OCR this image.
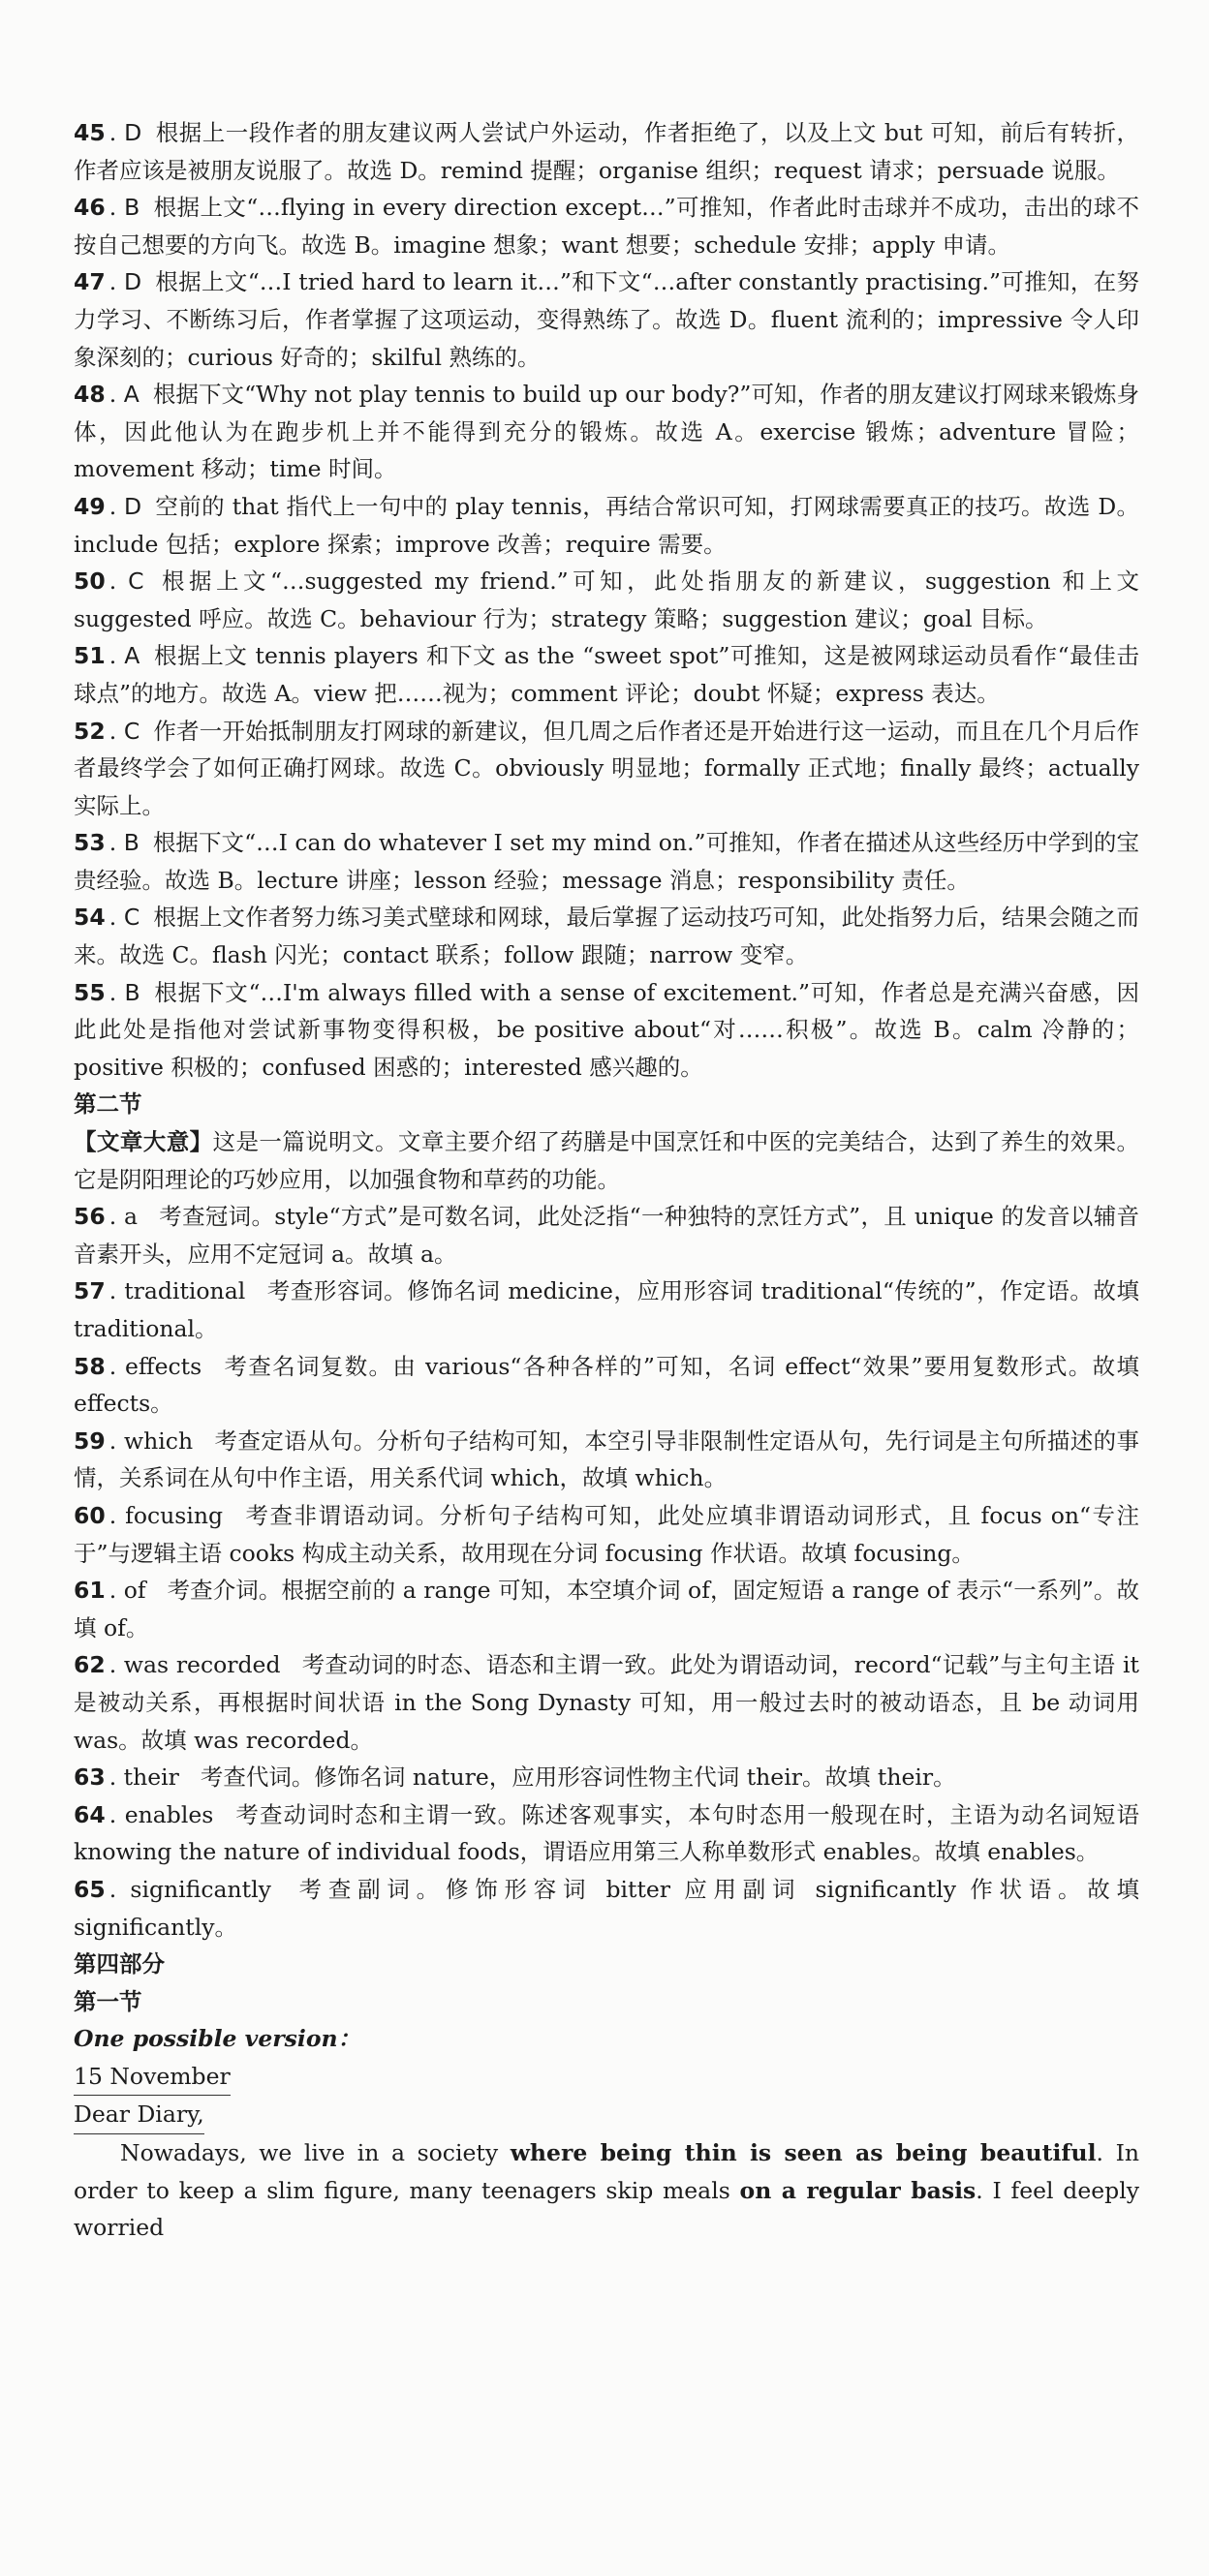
45 . D 根据上一段作者的朋友建议两人尝试户外运动，作者拒绝了，以及上文 but 可知，前后有转折，作者应该是被朋友说服了。故选 D。remind 提醒；organise 组织；request 请求；persuade 说服。

46 . B 根据上文“…flying in every direction except…”可推知，作者此时击球并不成功，击出的球不按自己想要的方向飞。故选 B。imagine 想象；want 想要；schedule 安排；apply 申请。

47 . D 根据上文“…I tried hard to learn it…”和下文“…after constantly practising.”可推知，在努力学习、不断练习后，作者掌握了这项运动，变得熟练了。故选 D。fluent 流利的；impressive 令人印象深刻的；curious 好奇的；skilful 熟练的。

48 . A 根据下文“Why not play tennis to build up our body?”可知，作者的朋友建议打网球来锻炼身体，因此他认为在跑步机上并不能得到充分的锻炼。故选 A。exercise 锻炼；adventure 冒险；movement 移动；time 时间。

49 . D 空前的 that 指代上一句中的 play tennis，再结合常识可知，打网球需要真正的技巧。故选 D。include 包括；explore 探索；improve 改善；require 需要。

50 . C 根据上文“…suggested my friend.”可知，此处指朋友的新建议，suggestion 和上文 suggested 呼应。故选 C。behaviour 行为；strategy 策略；suggestion 建议；goal 目标。

51 . A 根据上文 tennis players 和下文 as the “sweet spot”可推知，这是被网球运动员看作“最佳击球点”的地方。故选 A。view 把……视为；comment 评论；doubt 怀疑；express 表达。

52 . C 作者一开始抵制朋友打网球的新建议，但几周之后作者还是开始进行这一运动，而且在几个月后作者最终学会了如何正确打网球。故选 C。obviously 明显地；formally 正式地；finally 最终；actually 实际上。

53 . B 根据下文“…I can do whatever I set my mind on.”可推知，作者在描述从这些经历中学到的宝贵经验。故选 B。lecture 讲座；lesson 经验；message 消息；responsibility 责任。

54 . C 根据上文作者努力练习美式壁球和网球，最后掌握了运动技巧可知，此处指努力后，结果会随之而来。故选 C。flash 闪光；contact 联系；follow 跟随；narrow 变窄。

55 . B 根据下文“…I'm always filled with a sense of excitement.”可知，作者总是充满兴奋感，因此此处是指他对尝试新事物变得积极，be positive about“对……积极”。故选 B。calm 冷静的；positive 积极的；confused 困惑的；interested 感兴趣的。

第二节

【文章大意】这是一篇说明文。文章主要介绍了药膳是中国烹饪和中医的完美结合，达到了养生的效果。它是阴阳理论的巧妙应用，以加强食物和草药的功能。

56 . a 考查冠词。style“方式”是可数名词，此处泛指“一种独特的烹饪方式”，且 unique 的发音以辅音音素开头，应用不定冠词 a。故填 a。

57 . traditional 考查形容词。修饰名词 medicine，应用形容词 traditional“传统的”，作定语。故填 traditional。

58 . effects 考查名词复数。由 various“各种各样的”可知，名词 effect“效果”要用复数形式。故填 effects。

59 . which 考查定语从句。分析句子结构可知，本空引导非限制性定语从句，先行词是主句所描述的事情，关系词在从句中作主语，用关系代词 which，故填 which。

60 . focusing 考查非谓语动词。分析句子结构可知，此处应填非谓语动词形式，且 focus on“专注于”与逻辑主语 cooks 构成主动关系，故用现在分词 focusing 作状语。故填 focusing。

61 . of 考查介词。根据空前的 a range 可知，本空填介词 of，固定短语 a range of 表示“一系列”。故填 of。

62 . was recorded 考查动词的时态、语态和主谓一致。此处为谓语动词，record“记载”与主句主语 it 是被动关系，再根据时间状语 in the Song Dynasty 可知，用一般过去时的被动语态，且 be 动词用 was。故填 was recorded。

63 . their 考查代词。修饰名词 nature，应用形容词性物主代词 their。故填 their。

64 . enables 考查动词时态和主谓一致。陈述客观事实，本句时态用一般现在时，主语为动名词短语 knowing the nature of individual foods，谓语应用第三人称单数形式 enables。故填 enables。

65 . significantly 考查副词。修饰形容词 bitter 应用副词 significantly 作状语。故填 significantly。

第四部分

第一节

One possible version：

15 November

Dear Diary,

Nowadays, we live in a society where being thin is seen as being beautiful. In order to keep a slim figure, many teenagers skip meals on a regular basis. I feel deeply worried
